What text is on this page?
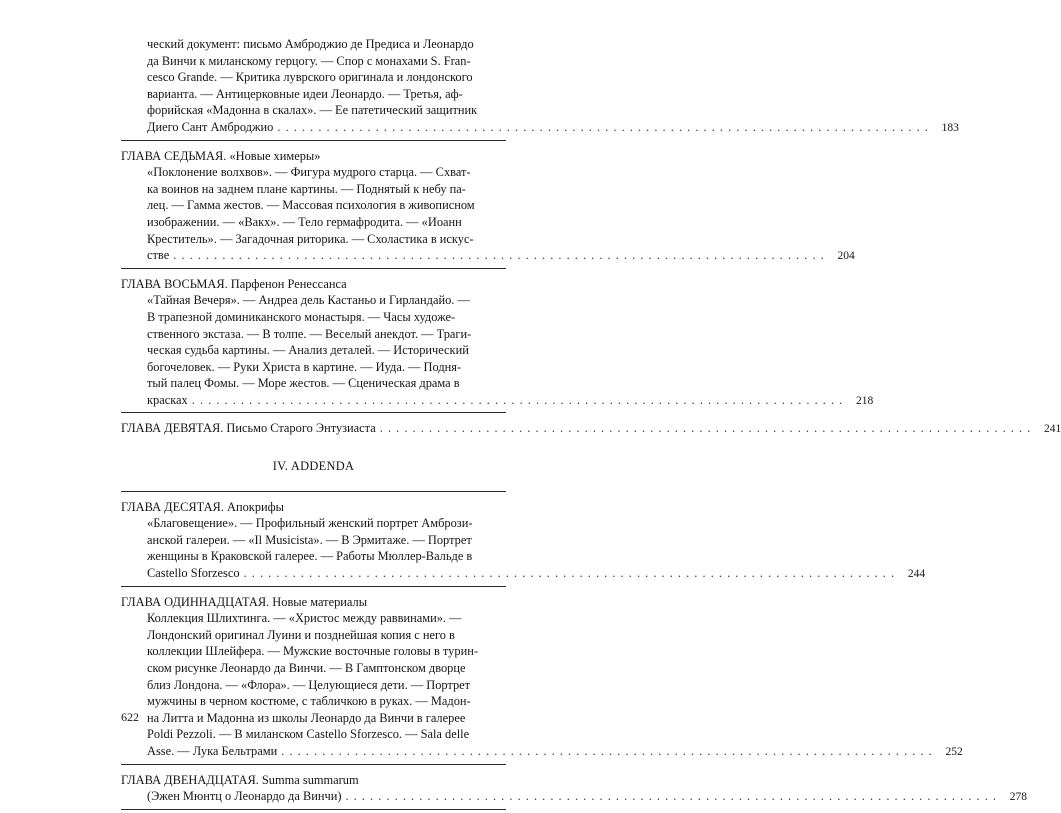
ческий документ: письмо Амброджио де Предиса и Леонардо
да Винчи к миланскому герцогу. — Спор с монахами S. Fran-
cesco Grande. — Критика луврского оригинала и лондонского
варианта. — Антицерковные идеи Леонардо. — Третья, аф-
форийская «Мадонна в скалах». — Ее патетический защитник
Диего Сант Амброджио . . . . . . . . . . . . . . . . . . . . . . . . . . . . . . . . . . . . . . . . . . . . . . . . . . . . . . . . . . . . . . . . . . . . . . . . . . . . . . . .	183
ГЛАВА СЕДЬМАЯ. «Новые химеры»
«Поклонение волхвов». — Фигура мудрого старца. — Схват-
ка воинов на заднем плане картины. — Поднятый к небу па-
лец. — Гамма жестов. — Массовая психология в живописном
изображении. — «Вакх». — Тело гермафродита. — «Иоанн
Креститель». — Загадочная риторика. — Схоластика в искус-
стве . . . . . . . . . . . . . . . . . . . . . . . . . . . . . . . . . . . . . . . . . . . . . . . . . . . . . . . . . . . . . . . . . . . . . . . . . . . . . . . .	204
ГЛАВА ВОСЬМАЯ. Парфенон Ренессанса
«Тайная Вечеря». — Андреа дель Кастаньо и Гирландайо. —
В трапезной доминиканского монастыря. — Часы художе-
ственного экстаза. — В толпе. — Веселый анекдот. — Траги-
ческая судьба картины. — Анализ деталей. — Исторический
богочеловек. — Руки Христа в картине. — Иуда. — Подня-
тый палец Фомы. — Море жестов. — Сценическая драма в
красках . . . . . . . . . . . . . . . . . . . . . . . . . . . . . . . . . . . . . . . . . . . . . . . . . . . . . . . . . . . . . . . . . . . . . . . . . . . . . . . .	218
ГЛАВА ДЕВЯТАЯ. Письмо Старого Энтузиаста . . . . . . . . . . . . . . . . . . . . . . . . . . . . . . . . . . . . . . . . . . . . . . . . . . . . . . . . . . . . . . . . . . . . . . . . . . . . . . . .	241
IV. ADDENDA
ГЛАВА ДЕСЯТАЯ. Апокрифы
«Благовещение». — Профильный женский портрет Амбрози-
анской галереи. — «Il Musicista». — В Эрмитаже. — Портрет
женщины в Краковской галерее. — Работы Мюллер-Вальде в
Castello Sforzesco . . . . . . . . . . . . . . . . . . . . . . . . . . . . . . . . . . . . . . . . . . . . . . . . . . . . . . . . . . . . . . . . . . . . . . . . . . . . . . . .	244
ГЛАВА ОДИННАДЦАТАЯ. Новые материалы
Коллекция Шлихтинга. — «Христос между раввинами». —
Лондонский оригинал Луини и позднейшая копия с него в
коллекции Шлейфера. — Мужские восточные головы в турин-
ском рисунке Леонардо да Винчи. — В Гамптонском дворце
близ Лондона. — «Флора». — Целующиеся дети. — Портрет
мужчины в черном костюме, с табличкою в руках. — Мадон-
на Литта и Мадонна из школы Леонардо да Винчи в галерее
Poldi Pezzoli. — В миланском Castello Sforzesco. — Sala delle
Asse. — Лука Бельтрами . . . . . . . . . . . . . . . . . . . . . . . . . . . . . . . . . . . . . . . . . . . . . . . . . . . . . . . . . . . . . . . . . . . . . . . . . . . . . . . .	252
ГЛАВА ДВЕНАДЦАТАЯ. Summa summarum
(Эжен Мюнтц о Леонардо да Винчи) . . . . . . . . . . . . . . . . . . . . . . . . . . . . . . . . . . . . . . . . . . . . . . . . . . . . . . . . . . . . . . . . . . . . . . . . . . . . . . . .	278
622
